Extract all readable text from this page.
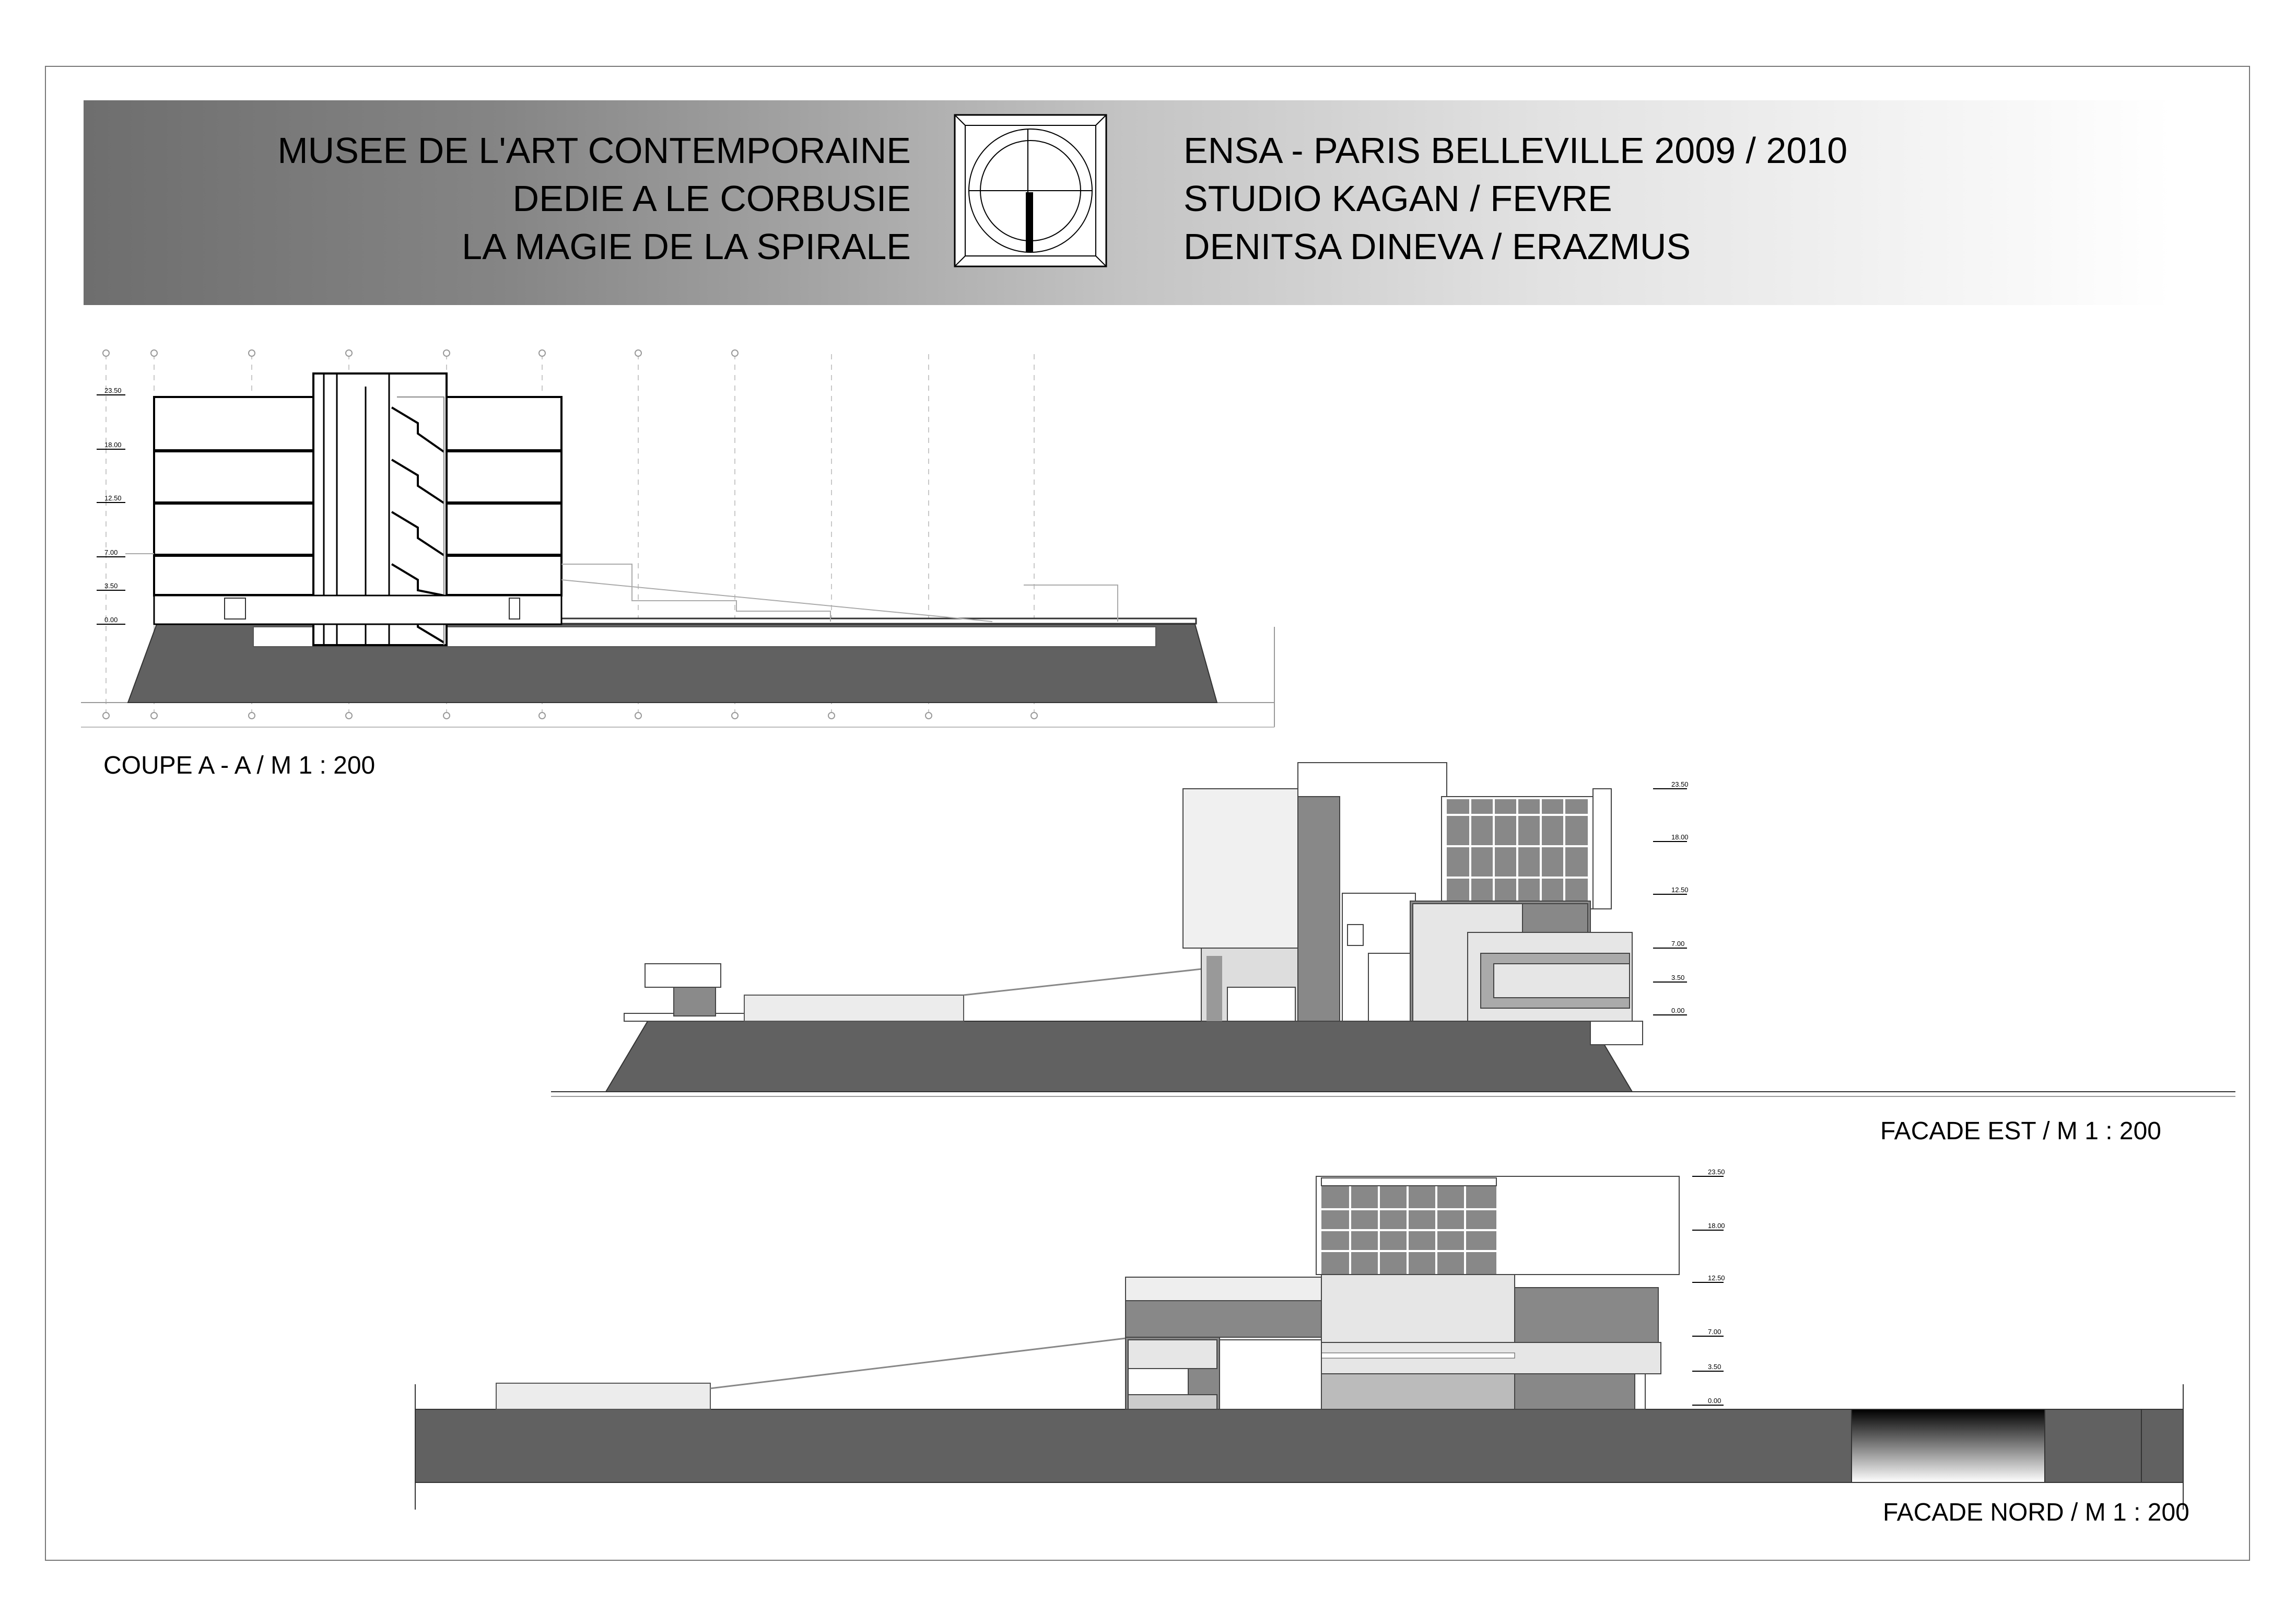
MUSEE DE L'ART CONTEMPORAINE
DEDIE A LE CORBUSIE
LA MAGIE DE LA SPIRALE
ENSA - PARIS BELLEVILLE 2009 / 2010
STUDIO KAGAN / FEVRE
DENITSA DINEVA / ERAZMUS
23.50
18.00
12.50
7.00
3.50
0.00
23.50
18.00
12.50
7.00
3.50
0.00
23.50
18.00
12.50
7.00
3.50
0.00
COUPE A - A / M 1 : 200
FACADE EST / M 1 : 200
FACADE NORD / M 1 : 200
